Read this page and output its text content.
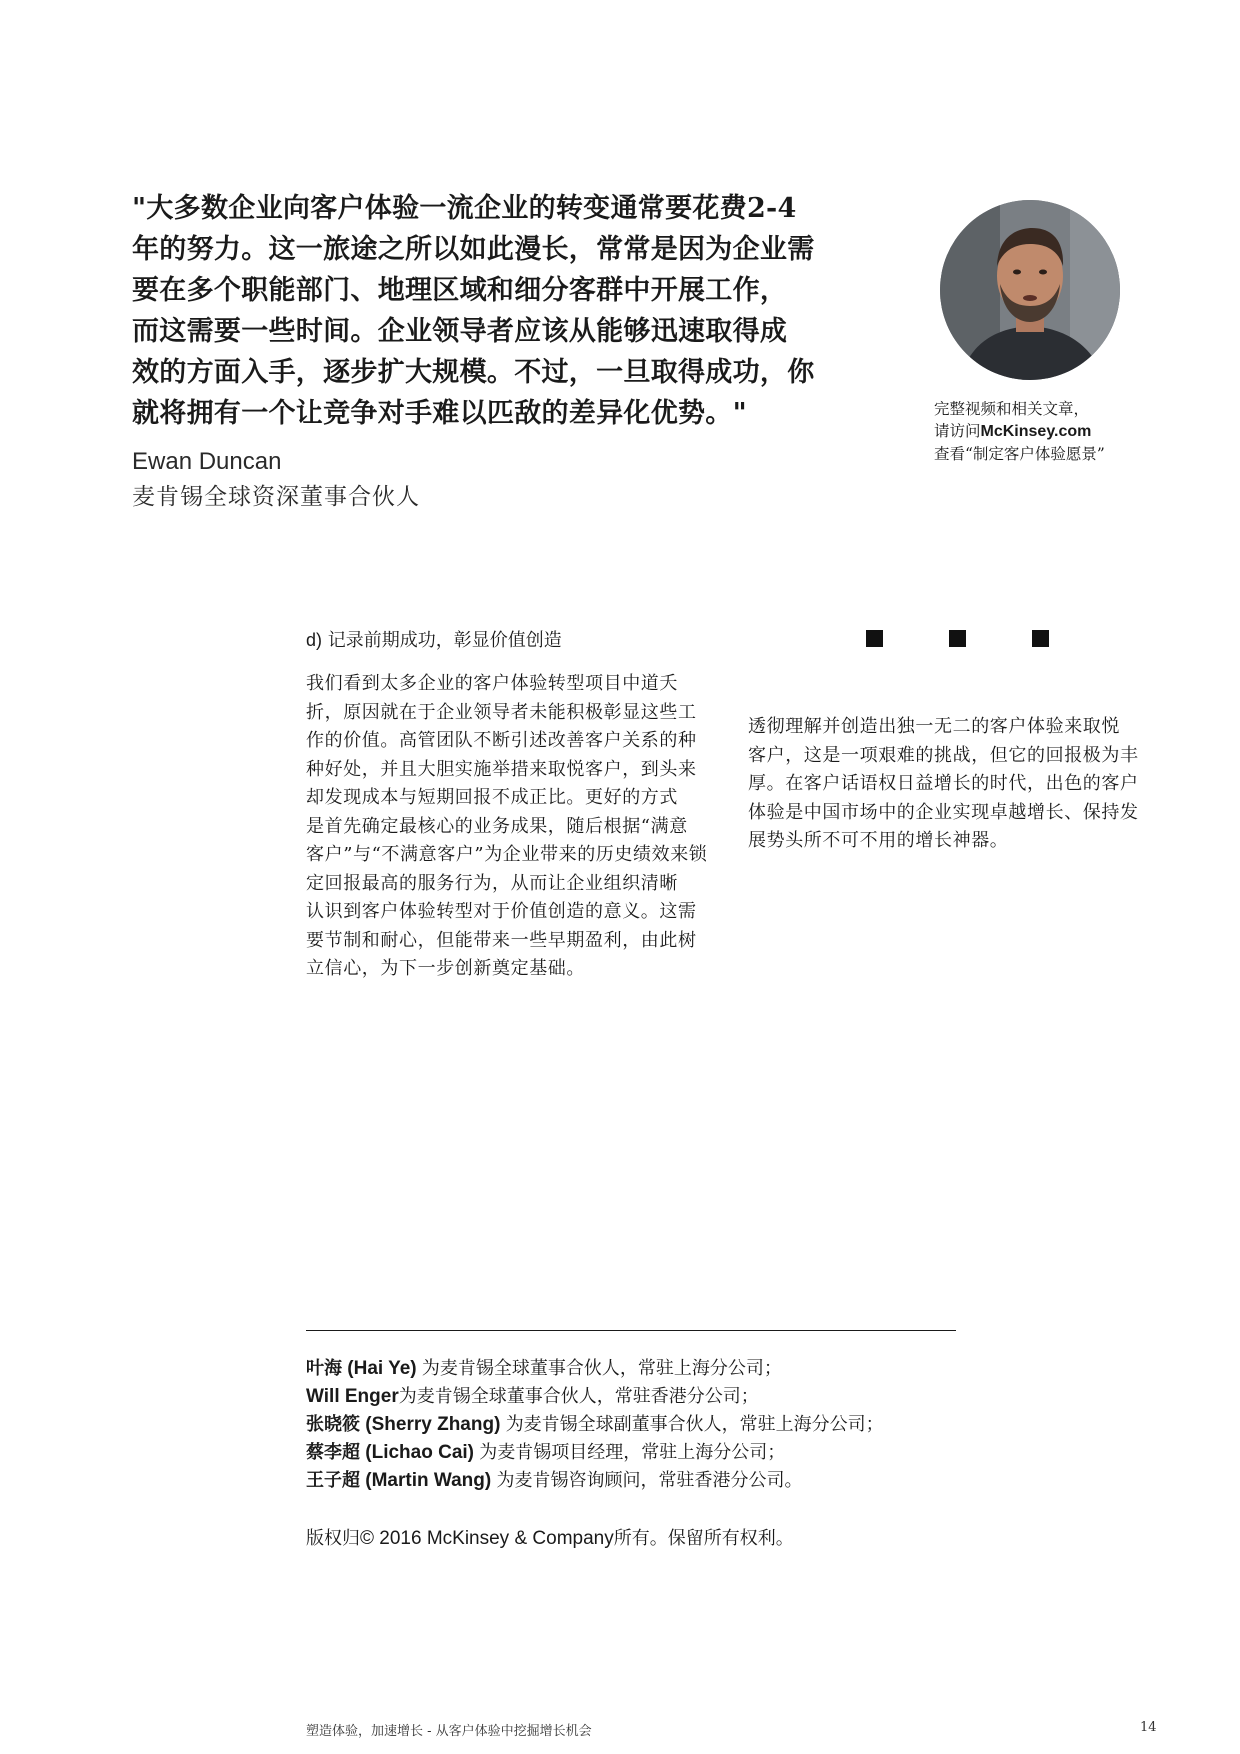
"大多数企业向客户体验一流企业的转变通常要花费2-4
年的努力。这一旅途之所以如此漫长，常常是因为企业需
要在多个职能部门、地理区域和细分客群中开展工作，
而这需要一些时间。企业领导者应该从能够迅速取得成
效的方面入手，逐步扩大规模。不过，一旦取得成功，你
就将拥有一个让竞争对手难以匹敌的差异化优势。"
Ewan Duncan
麦肯锡全球资深董事合伙人
完整视频和相关文章，
请访问McKinsey.com
查看“制定客户体验愿景”
d) 记录前期成功，彰显价值创造
我们看到太多企业的客户体验转型项目中道夭
折，原因就在于企业领导者未能积极彰显这些工
作的价值。高管团队不断引述改善客户关系的种
种好处，并且大胆实施举措来取悦客户，到头来
却发现成本与短期回报不成正比。更好的方式
是首先确定最核心的业务成果，随后根据“满意
客户”与“不满意客户”为企业带来的历史绩效来锁
定回报最高的服务行为，从而让企业组织清晰
认识到客户体验转型对于价值创造的意义。这需
要节制和耐心，但能带来一些早期盈利，由此树
立信心，为下一步创新奠定基础。
透彻理解并创造出独一无二的客户体验来取悦
客户，这是一项艰难的挑战，但它的回报极为丰
厚。在客户话语权日益增长的时代，出色的客户
体验是中国市场中的企业实现卓越增长、保持发
展势头所不可不用的增长神器。
叶海 (Hai Ye) 为麦肯锡全球董事合伙人，常驻上海分公司；
Will Enger为麦肯锡全球董事合伙人，常驻香港分公司；
张晓筱 (Sherry Zhang) 为麦肯锡全球副董事合伙人，常驻上海分公司；
蔡李超 (Lichao Cai) 为麦肯锡项目经理，常驻上海分公司；
王子超 (Martin Wang) 为麦肯锡咨询顾问，常驻香港分公司。
版权归© 2016 McKinsey & Company所有。保留所有权利。
塑造体验，加速增长 - 从客户体验中挖掘增长机会	14
